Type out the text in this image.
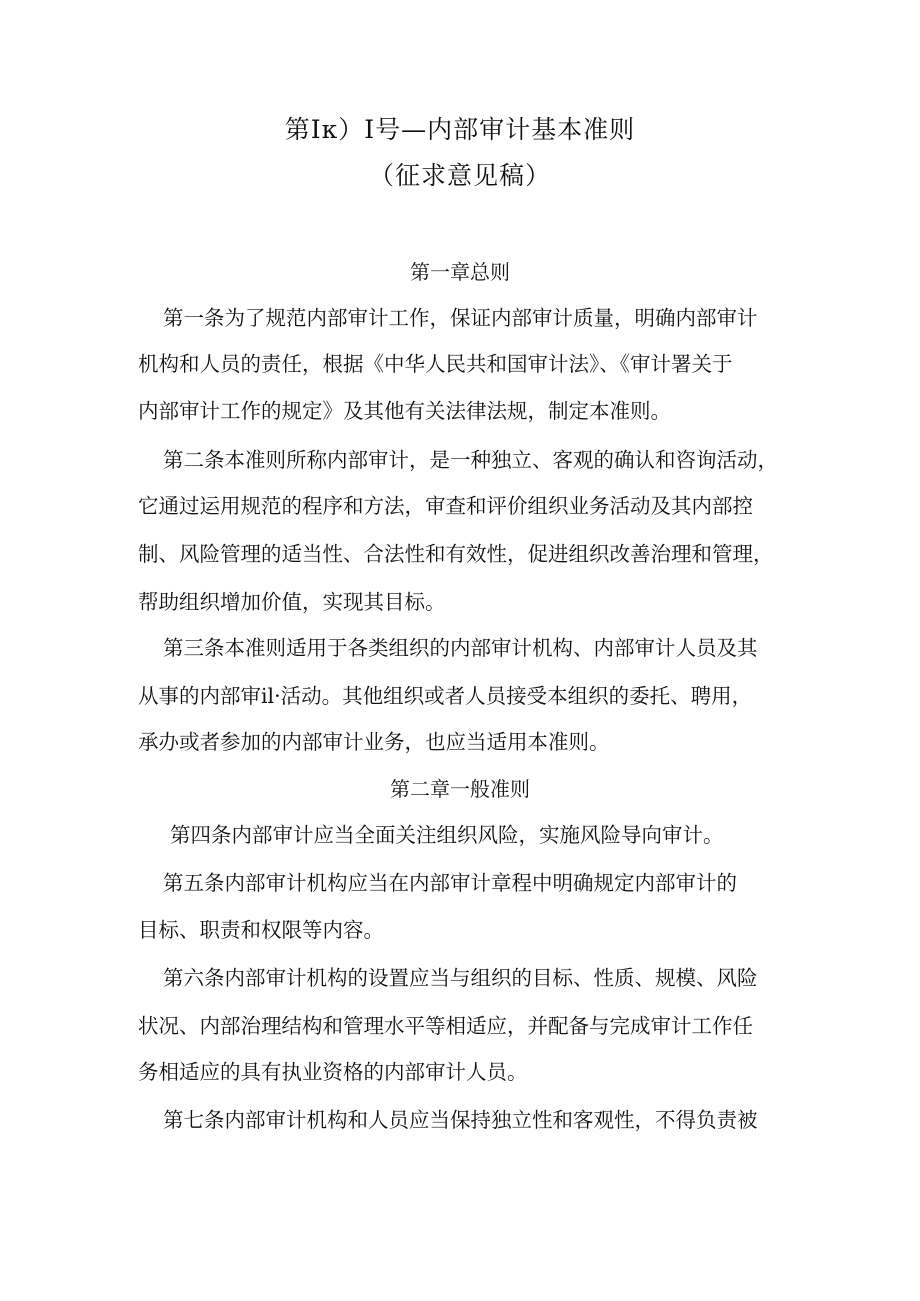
第Iκ）I号—内部审计基本准则
（征求意见稿）
第一章总则
第一条为了规范内部审计工作，保证内部审计质量，明确内部审计
机构和人员的责任，根据《中华人民共和国审计法》、《审计署关于
内部审计工作的规定》及其他有关法律法规，制定本准则。
第二条本准则所称内部审计，是一种独立、客观的确认和咨询活动，
它通过运用规范的程序和方法，审查和评价组织业务活动及其内部控
制、风险管理的适当性、合法性和有效性，促进组织改善治理和管理，
帮助组织增加价值，实现其目标。
第三条本准则适用于各类组织的内部审计机构、内部审计人员及其
从事的内部审il·活动。其他组织或者人员接受本组织的委托、聘用，
承办或者参加的内部审计业务，也应当适用本准则。
第二章一般准则
第四条内部审计应当全面关注组织风险，实施风险导向审计。
第五条内部审计机构应当在内部审计章程中明确规定内部审计的
目标、职责和权限等内容。
第六条内部审计机构的设置应当与组织的目标、性质、规模、风险
状况、内部治理结构和管理水平等相适应，并配备与完成审计工作任
务相适应的具有执业资格的内部审计人员。
第七条内部审计机构和人员应当保持独立性和客观性，不得负责被
